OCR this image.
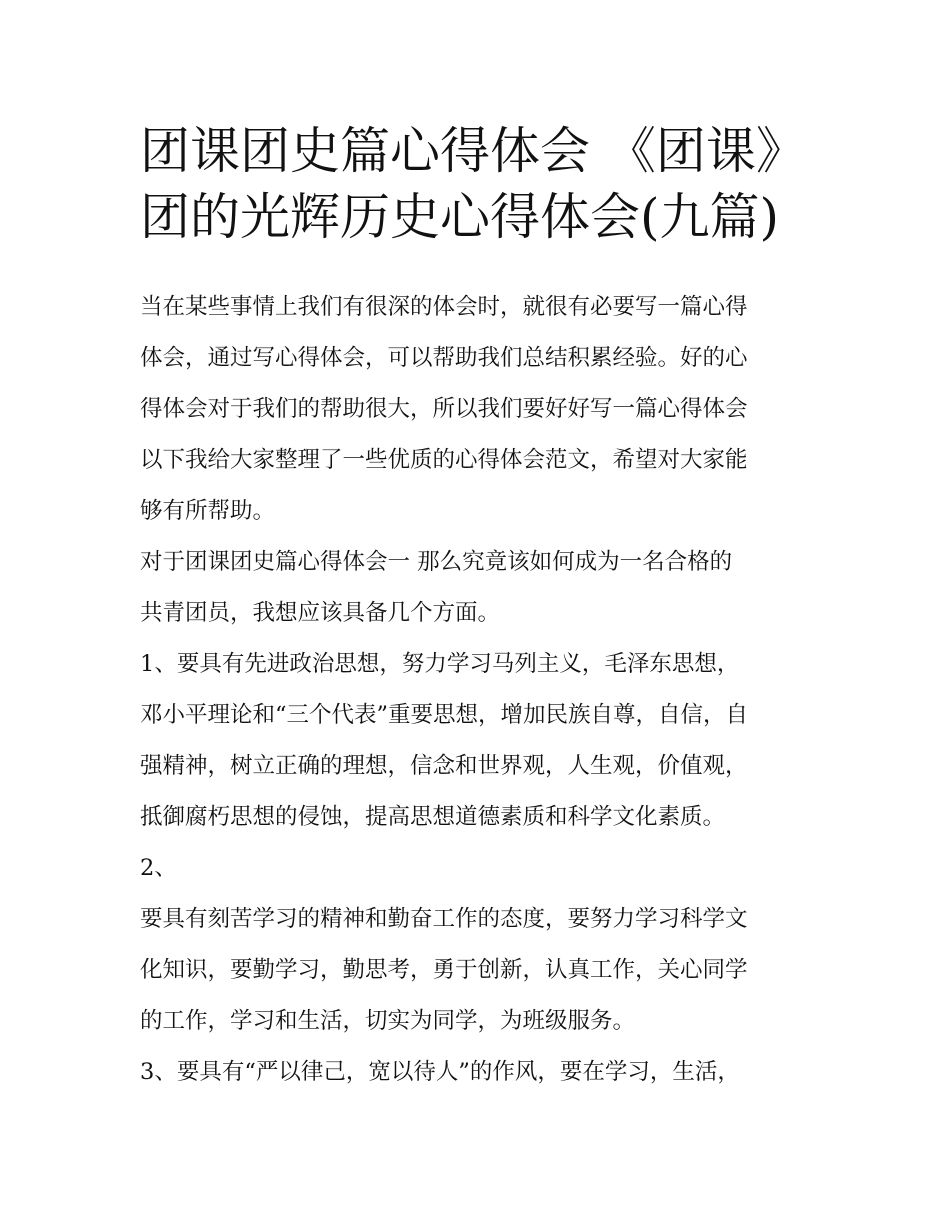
团课团史篇心得体会 《团课》
团的光辉历史心得体会(九篇)
当在某些事情上我们有很深的体会时，就很有必要写一篇心得
体会，通过写心得体会，可以帮助我们总结积累经验。好的心
得体会对于我们的帮助很大，所以我们要好好写一篇心得体会
以下我给大家整理了一些优质的心得体会范文，希望对大家能
够有所帮助。
对于团课团史篇心得体会一 那么究竟该如何成为一名合格的
共青团员，我想应该具备几个方面。
1、要具有先进政治思想，努力学习马列主义，毛泽东思想，
邓小平理论和“三个代表”重要思想，增加民族自尊，自信，自
强精神，树立正确的理想，信念和世界观，人生观，价值观，
抵御腐朽思想的侵蚀，提高思想道德素质和科学文化素质。
2、
要具有刻苦学习的精神和勤奋工作的态度，要努力学习科学文
化知识，要勤学习，勤思考，勇于创新，认真工作，关心同学
的工作，学习和生活，切实为同学，为班级服务。
3、要具有“严以律己，宽以待人”的作风，要在学习，生活，
